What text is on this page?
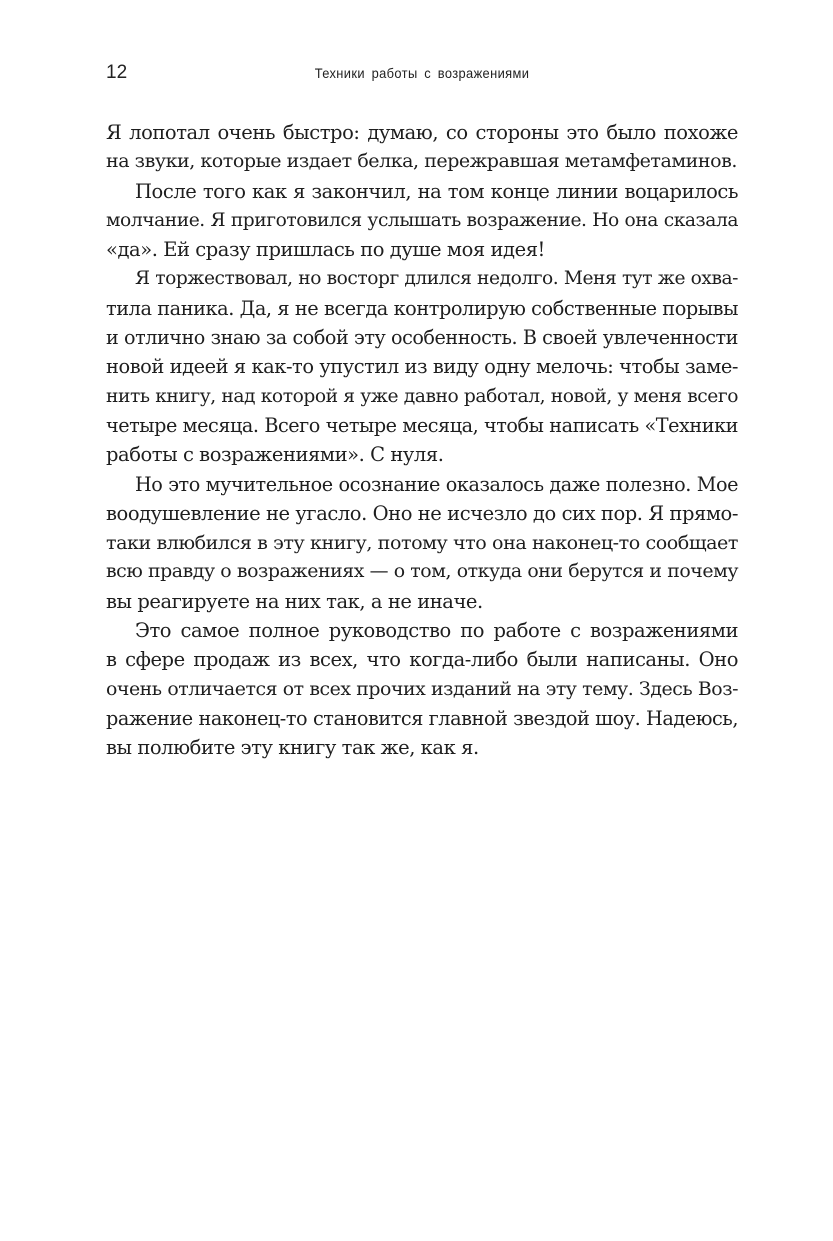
12	Техники работы с возражениями
Я лопотал очень быстро: думаю, со стороны это было похоже
на звуки, которые издает белка, пережравшая метамфетаминов.
После того как я закончил, на том конце линии воцарилось
молчание. Я приготовился услышать возражение. Но она сказала
«да». Ей сразу пришлась по душе моя идея!
Я торжествовал, но восторг длился недолго. Меня тут же охва-
тила паника. Да, я не всегда контролирую собственные порывы
и отлично знаю за собой эту особенность. В своей увлеченности
новой идеей я как-то упустил из виду одну мелочь: чтобы заме-
нить книгу, над которой я уже давно работал, новой, у меня всего
четыре месяца. Всего четыре месяца, чтобы написать «Техники
работы с возражениями». С нуля.
Но это мучительное осознание оказалось даже полезно. Мое
воодушевление не угасло. Оно не исчезло до сих пор. Я прямо-
таки влюбился в эту книгу, потому что она наконец-то сообщает
всю правду о возражениях — о том, откуда они берутся и почему
вы реагируете на них так, а не иначе.
Это самое полное руководство по работе с возражениями
в сфере продаж из всех, что когда-либо были написаны. Оно
очень отличается от всех прочих изданий на эту тему. Здесь Воз-
ражение наконец-то становится главной звездой шоу. Надеюсь,
вы полюбите эту книгу так же, как я.
